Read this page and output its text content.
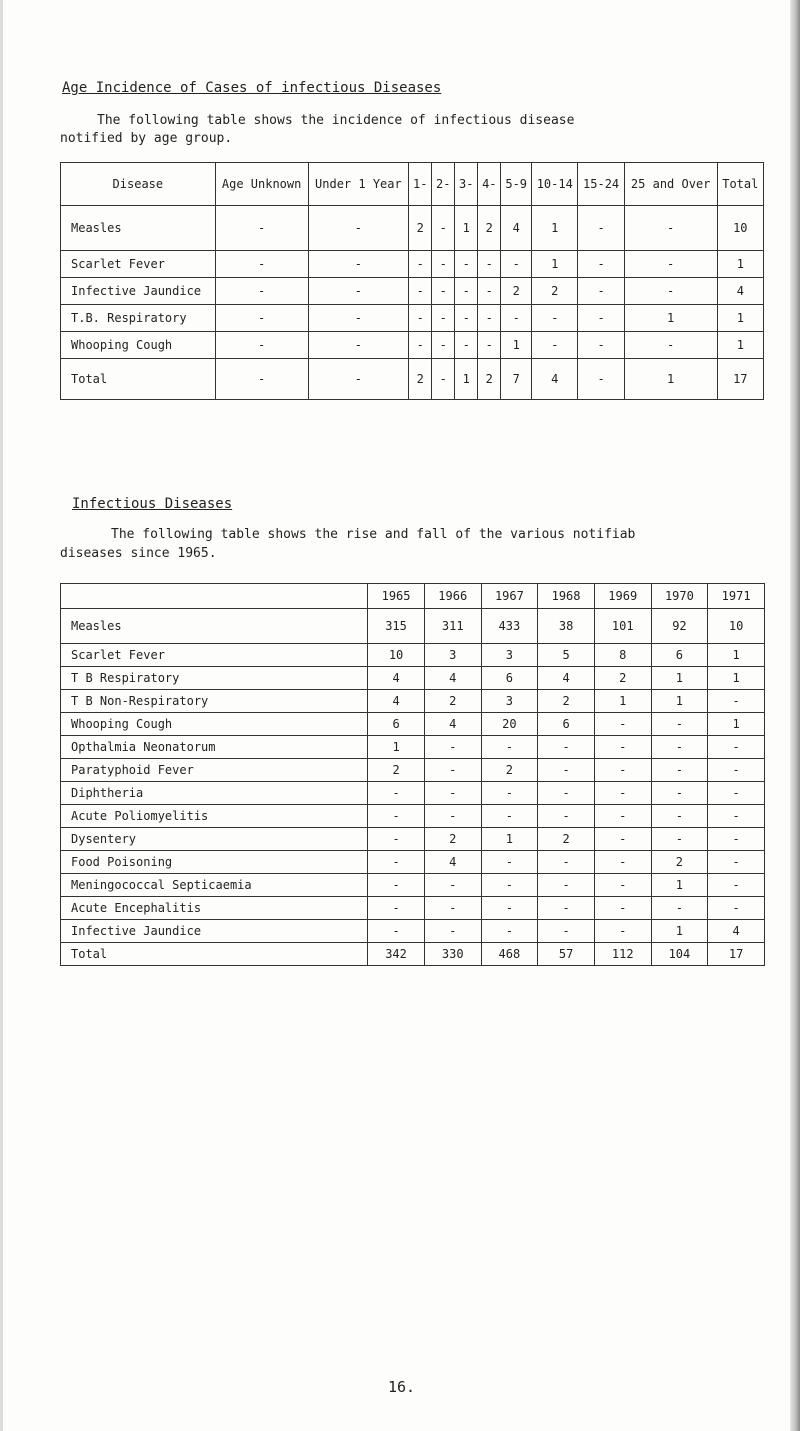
Age Incidence of Cases of infectious Diseases
The following table shows the incidence of infectious disease
notified by age group.
Disease	Age Unknown	Under 1 Year	1-	2-	3-	4-	5-9	10-14	15-24	25 and Over	Total
Measles	-	-	2	-	1	2	4	1	-	-	10
Scarlet Fever	-	-	-	-	-	-	-	1	-	-	1
Infective Jaundice	-	-	-	-	-	-	2	2	-	-	4
T.B. Respiratory	-	-	-	-	-	-	-	-	-	1	1
Whooping Cough	-	-	-	-	-	-	1	-	-	-	1
Total	-	-	2	-	1	2	7	4	-	1	17
Infectious Diseases
The following table shows the rise and fall of the various notifiab
diseases since 1965.
	1965	1966	1967	1968	1969	1970	1971
Measles	315	311	433	38	101	92	10
Scarlet Fever	10	3	3	5	8	6	1
T B Respiratory	4	4	6	4	2	1	1
T B Non-Respiratory	4	2	3	2	1	1	-
Whooping Cough	6	4	20	6	-	-	1
Opthalmia Neonatorum	1	-	-	-	-	-	-
Paratyphoid Fever	2	-	2	-	-	-	-
Diphtheria	-	-	-	-	-	-	-
Acute Poliomyelitis	-	-	-	-	-	-	-
Dysentery	-	2	1	2	-	-	-
Food Poisoning	-	4	-	-	-	2	-
Meningococcal Septicaemia	-	-	-	-	-	1	-
Acute Encephalitis	-	-	-	-	-	-	-
Infective Jaundice	-	-	-	-	-	1	4
Total	342	330	468	57	112	104	17
16.
